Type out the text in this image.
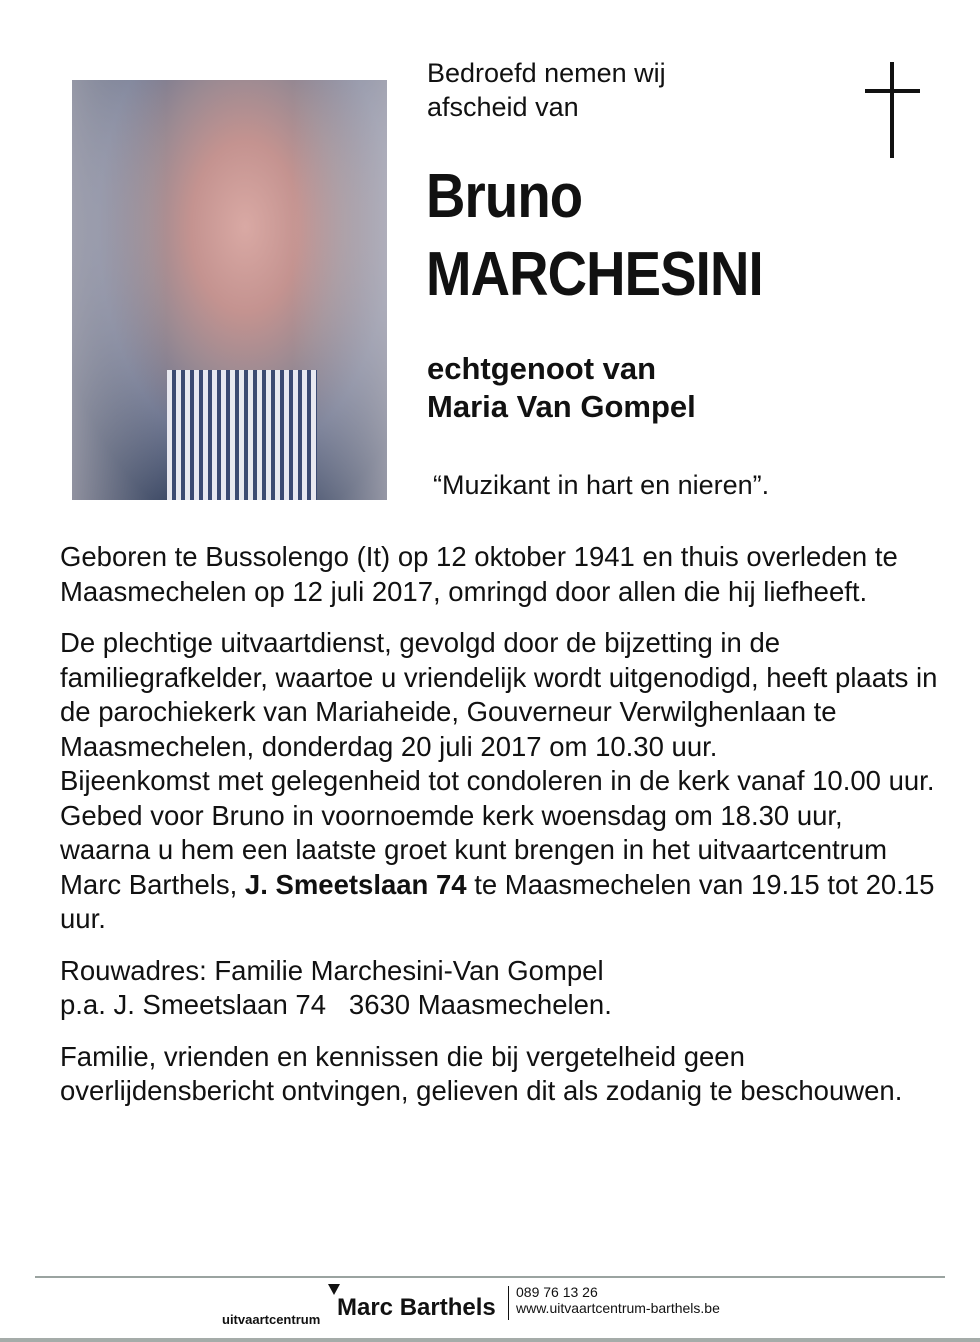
Bedroefd nemen wij
afscheid van
Bruno
MARCHESINI
echtgenoot van
Maria Van Gompel
“Muzikant in hart en nieren”.

Geboren te Bussolengo (It) op 12 oktober 1941 en thuis overleden te Maasmechelen op 12 juli 2017, omringd door allen die hij liefheeft.

De plechtige uitvaartdienst, gevolgd door de bijzetting in de familiegrafkelder, waartoe u vriendelijk wordt uitgenodigd, heeft plaats in de parochiekerk van Mariaheide, Gouverneur Verwilghenlaan te Maasmechelen, donderdag 20 juli 2017 om 10.30 uur.

Bijeenkomst met gelegenheid tot condoleren in de kerk vanaf 10.00 uur.

Gebed voor Bruno in voornoemde kerk woensdag om 18.30 uur, waarna u hem een laatste groet kunt brengen in het uitvaartcentrum Marc Barthels, J. Smeetslaan 74 te Maasmechelen van 19.15 tot 20.15 uur.

Rouwadres: Familie Marchesini-Van Gompel
p.a. J. Smeetslaan 74   3630 Maasmechelen.

Familie, vrienden en kennissen die bij vergetelheid geen overlijdensbericht ontvingen, gelieven dit als zodanig te beschouwen.

uitvaartcentrum Marc Barthels
089 76 13 26
www.uitvaartcentrum-barthels.be
